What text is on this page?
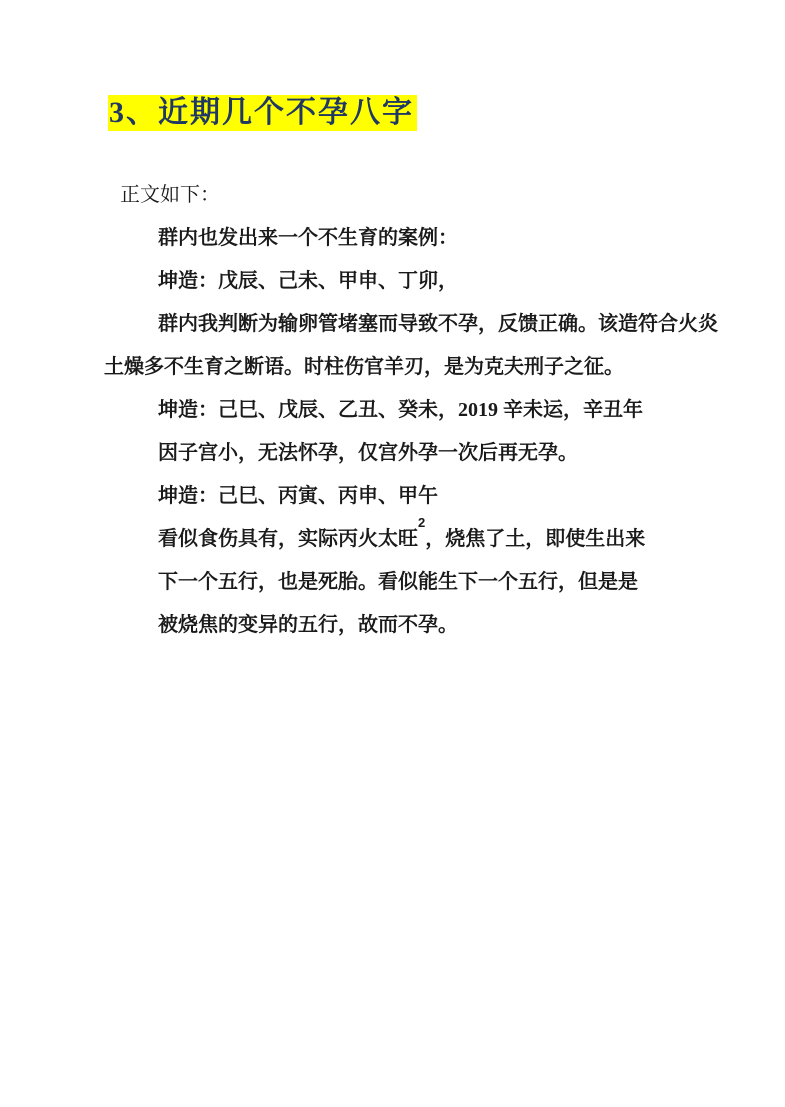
3、近期几个不孕八字
正文如下：
群内也发出来一个不生育的案例：
坤造：戊辰、己未、甲申、丁卯，
群内我判断为输卵管堵塞而导致不孕，反馈正确。该造符合火炎
土燥多不生育之断语。时柱伤官羊刃，是为克夫刑子之征。
坤造：己巳、戊辰、乙丑、癸未，2019 辛未运，辛丑年
因子宫小，无法怀孕，仅宫外孕一次后再无孕。
坤造：己巳、丙寅、丙申、甲午
看似食伤具有，实际丙火太旺$^2$，烧焦了土，即使生出来
下一个五行，也是死胎。看似能生下一个五行，但是是
被烧焦的变异的五行，故而不孕。
